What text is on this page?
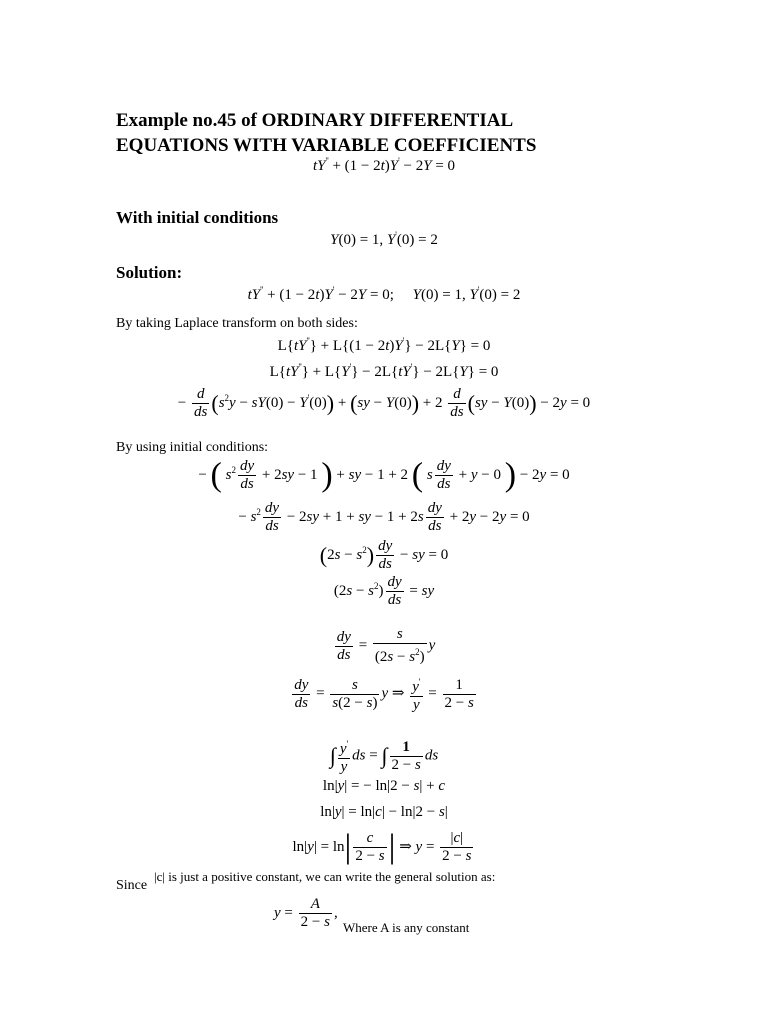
Example no.45 of ORDINARY DIFFERENTIAL
EQUATIONS WITH VARIABLE COEFFICIENTS
tY'' + (1 − 2t)Y' − 2Y = 0
With initial conditions
Y(0) = 1, Y'(0) = 2
Solution:
tY'' + (1 − 2t)Y' − 2Y = 0;     Y(0) = 1, Y'(0) = 2
By taking Laplace transform on both sides:
L{tY''} + L{(1 − 2t)Y'} − 2L{Y} = 0
L{tY''} + L{Y'} − 2L{tY'} − 2L{Y} = 0
− $\frac{d}{ds} (s^2y - sY(0) - Y'(0)) + (sy - Y(0)) + 2 \frac{d}{ds} (sy - Y(0)) - 2y = 0$
By using initial conditions:
− ( $s^2 \frac{dy}{ds} + 2sy - 1$ ) + sy − 1 + 2 ( s $\frac{dy}{ds} + y - 0$ ) − 2y = 0
− $s^2 \frac{dy}{ds} - 2sy + 1$ + sy − $1 + 2s \frac{dy}{ds} + 2y - 2y = 0$
$(2s - s^2) \frac{dy}{ds}$ − sy = 0
$(2s - s^2) \frac{dy}{ds}$ = sy
$\frac{dy}{ds} = \frac{s}{(2s - s^2)}$ y
$\frac{dy}{ds} = \frac{s}{s(2 - s)}$ y ⇒ $\frac{y'}{y} = \frac{1}{2 - s}$
∫ $\frac{y'}{y}$ ds = ∫ $\frac{1}{2 - s}$ ds
ln|y| = − ln|2 − s| + c
ln|y| = ln|c| − ln|2 − s|
$\ln|y| = \ln| \frac{c}{2 - s}$ | ⇒ $y = \frac{|c|}{2 - s}$
Since
|c| is just a positive constant, we can write the general solution as:
$y = \frac{A}{2 - s}$ ,
Where A is any constant
